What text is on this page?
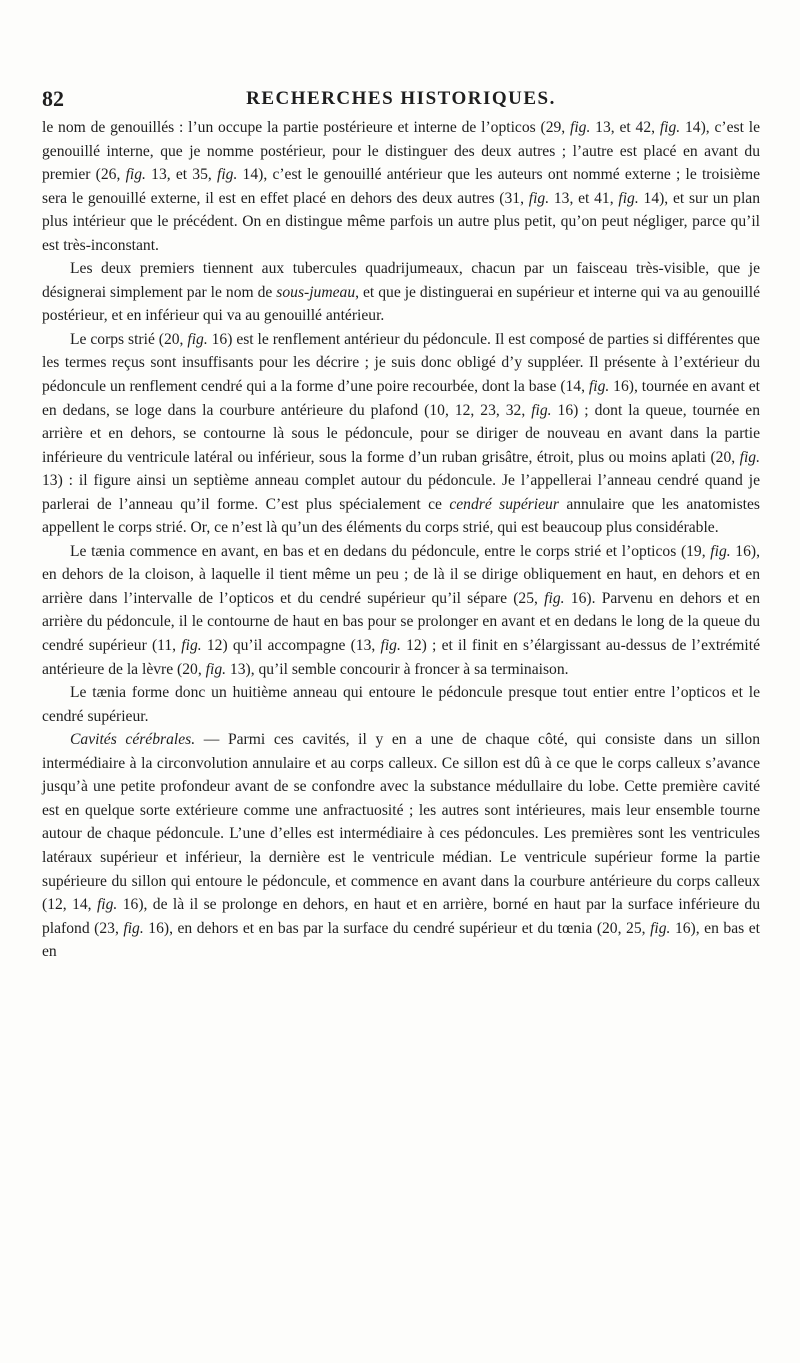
82	RECHERCHES HISTORIQUES.

le nom de genouillés : l’un occupe la partie postérieure et interne de l’opticos (29, fig. 13, et 42, fig. 14), c’est le genouillé interne, que je nomme postérieur, pour le distinguer des deux autres ; l’autre est placé en avant du premier (26, fig. 13, et 35, fig. 14), c’est le genouillé antérieur que les auteurs ont nommé externe ; le troisième sera le genouillé externe, il est en effet placé en dehors des deux autres (31, fig. 13, et 41, fig. 14), et sur un plan plus intérieur que le précédent. On en distingue même parfois un autre plus petit, qu’on peut négliger, parce qu’il est très-inconstant.

Les deux premiers tiennent aux tubercules quadrijumeaux, chacun par un faisceau très-visible, que je désignerai simplement par le nom de sous-jumeau, et que je distinguerai en supérieur et interne qui va au genouillé postérieur, et en inférieur qui va au genouillé antérieur.

Le corps strié (20, fig. 16) est le renflement antérieur du pédoncule. Il est composé de parties si différentes que les termes reçus sont insuffisants pour les décrire ; je suis donc obligé d’y suppléer. Il présente à l’extérieur du pédoncule un renflement cendré qui a la forme d’une poire recourbée, dont la base (14, fig. 16), tournée en avant et en dedans, se loge dans la courbure antérieure du plafond (10, 12, 23, 32, fig. 16) ; dont la queue, tournée en arrière et en dehors, se contourne là sous le pédoncule, pour se diriger de nouveau en avant dans la partie inférieure du ventricule latéral ou inférieur, sous la forme d’un ruban grisâtre, étroit, plus ou moins aplati (20, fig. 13) : il figure ainsi un septième anneau complet autour du pédoncule. Je l’appellerai l’anneau cendré quand je parlerai de l’anneau qu’il forme. C’est plus spécialement ce cendré supérieur annulaire que les anatomistes appellent le corps strié. Or, ce n’est là qu’un des éléments du corps strié, qui est beaucoup plus considérable.

Le tænia commence en avant, en bas et en dedans du pédoncule, entre le corps strié et l’opticos (19, fig. 16), en dehors de la cloison, à laquelle il tient même un peu ; de là il se dirige obliquement en haut, en dehors et en arrière dans l’intervalle de l’opticos et du cendré supérieur qu’il sépare (25, fig. 16). Parvenu en dehors et en arrière du pédoncule, il le contourne de haut en bas pour se prolonger en avant et en dedans le long de la queue du cendré supérieur (11, fig. 12) qu’il accompagne (13, fig. 12) ; et il finit en s’élargissant au-dessus de l’extrémité antérieure de la lèvre (20, fig. 13), qu’il semble concourir à froncer à sa terminaison.

Le tænia forme donc un huitième anneau qui entoure le pédoncule presque tout entier entre l’opticos et le cendré supérieur.

Cavités cérébrales. — Parmi ces cavités, il y en a une de chaque côté, qui consiste dans un sillon intermédiaire à la circonvolution annulaire et au corps calleux. Ce sillon est dû à ce que le corps calleux s’avance jusqu’à une petite profondeur avant de se confondre avec la substance médullaire du lobe. Cette première cavité est en quelque sorte extérieure comme une anfractuosité ; les autres sont intérieures, mais leur ensemble tourne autour de chaque pédoncule. L’une d’elles est intermédiaire à ces pédoncules. Les premières sont les ventricules latéraux supérieur et inférieur, la dernière est le ventricule médian. Le ventricule supérieur forme la partie supérieure du sillon qui entoure le pédoncule, et commence en avant dans la courbure antérieure du corps calleux (12, 14, fig. 16), de là il se prolonge en dehors, en haut et en arrière, borné en haut par la surface inférieure du plafond (23, fig. 16), en dehors et en bas par la surface du cendré supérieur et du tœnia (20, 25, fig. 16), en bas et en
